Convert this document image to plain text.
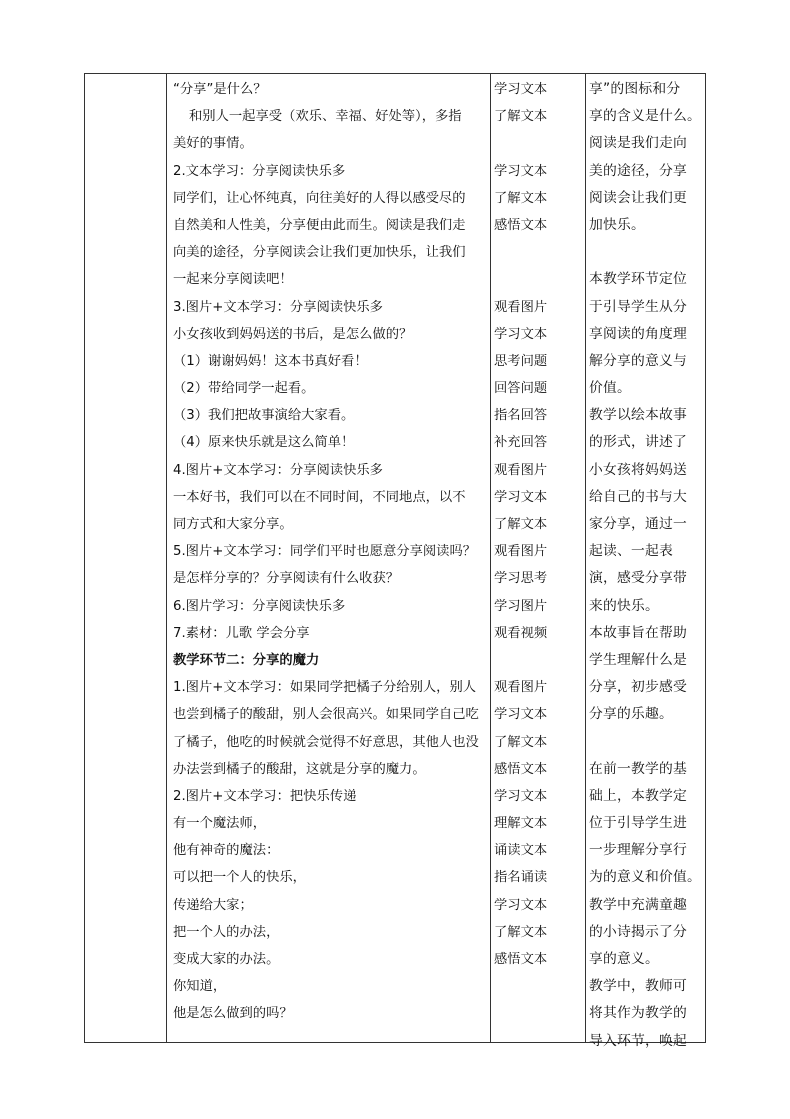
“分享”是什么？
和别人一起享受（欢乐、幸福、好处等），多指
美好的事情。
2.文本学习：分享阅读快乐多
同学们，让心怀纯真，向往美好的人得以感受尽的
自然美和人性美，分享便由此而生。阅读是我们走
向美的途径，分享阅读会让我们更加快乐，让我们
一起来分享阅读吧！
3.图片+文本学习：分享阅读快乐多
小女孩收到妈妈送的书后，是怎么做的？
（1）谢谢妈妈！这本书真好看！
（2）带给同学一起看。
（3）我们把故事演给大家看。
（4）原来快乐就是这么简单！
4.图片+文本学习：分享阅读快乐多
一本好书，我们可以在不同时间，不同地点，以不
同方式和大家分享。
5.图片+文本学习：同学们平时也愿意分享阅读吗？
是怎样分享的？分享阅读有什么收获？
6.图片学习：分享阅读快乐多
7.素材：儿歌 学会分享
教学环节二：分享的魔力
1.图片+文本学习：如果同学把橘子分给别人，别人
也尝到橘子的酸甜，别人会很高兴。如果同学自己吃
了橘子，他吃的时候就会觉得不好意思，其他人也没
办法尝到橘子的酸甜，这就是分享的魔力。
2.图片+文本学习：把快乐传递
有一个魔法师，
他有神奇的魔法：
可以把一个人的快乐，
传递给大家；
把一个人的办法，
变成大家的办法。
你知道，
他是怎么做到的吗？
学习文本
了解文本
学习文本
了解文本
感悟文本
观看图片
学习文本
思考问题
回答问题
指名回答
补充回答
观看图片
学习文本
了解文本
观看图片
学习思考
学习图片
观看视频
观看图片
学习文本
了解文本
感悟文本
学习文本
理解文本
诵读文本
指名诵读
学习文本
了解文本
感悟文本
享”的图标和分
享的含义是什么。
阅读是我们走向
美的途径，分享
阅读会让我们更
加快乐。
本教学环节定位
于引导学生从分
享阅读的角度理
解分享的意义与
价值。
教学以绘本故事
的形式，讲述了
小女孩将妈妈送
给自己的书与大
家分享，通过一
起读、一起表
演，感受分享带
来的快乐。
本故事旨在帮助
学生理解什么是
分享，初步感受
分享的乐趣。
在前一教学的基
础上，本教学定
位于引导学生进
一步理解分享行
为的意义和价值。
教学中充满童趣
的小诗揭示了分
享的意义。
教学中，教师可
将其作为教学的
导入环节，唤起
